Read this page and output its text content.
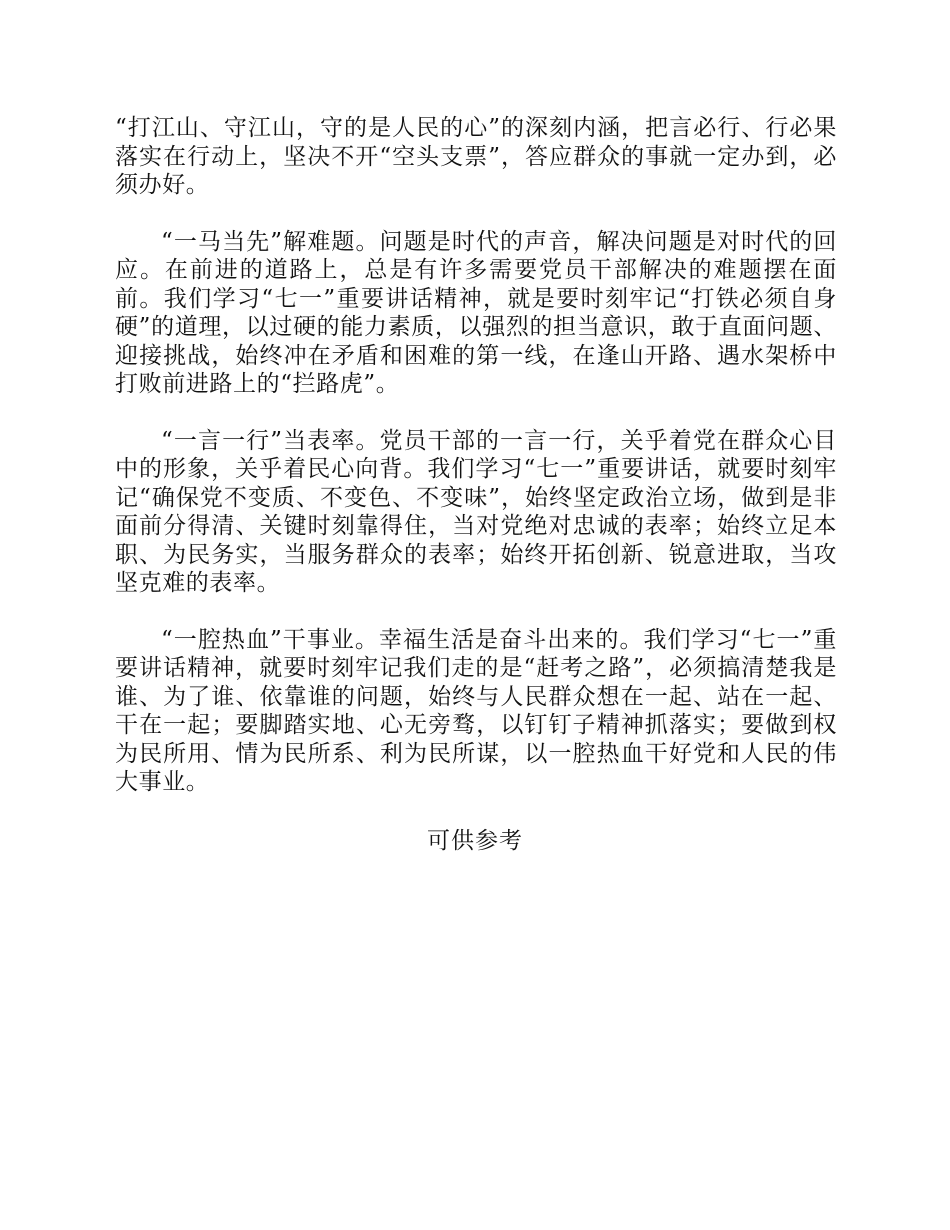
“打江山、守江山，守的是人民的心”的深刻内涵，把言必行、行必果落实在行动上，坚决不开“空头支票”，答应群众的事就一定办到，必须办好。

“一马当先”解难题。问题是时代的声音，解决问题是对时代的回应。在前进的道路上，总是有许多需要党员干部解决的难题摆在面前。我们学习“七一”重要讲话精神，就是要时刻牢记“打铁必须自身硬”的道理，以过硬的能力素质，以强烈的担当意识，敢于直面问题、迎接挑战，始终冲在矛盾和困难的第一线，在逢山开路、遇水架桥中打败前进路上的“拦路虎”。

“一言一行”当表率。党员干部的一言一行，关乎着党在群众心目中的形象，关乎着民心向背。我们学习“七一”重要讲话，就要时刻牢记“确保党不变质、不变色、不变味”，始终坚定政治立场，做到是非面前分得清、关键时刻靠得住，当对党绝对忠诚的表率；始终立足本职、为民务实，当服务群众的表率；始终开拓创新、锐意进取，当攻坚克难的表率。

“一腔热血”干事业。幸福生活是奋斗出来的。我们学习“七一”重要讲话精神，就要时刻牢记我们走的是“赶考之路”，必须搞清楚我是谁、为了谁、依靠谁的问题，始终与人民群众想在一起、站在一起、干在一起；要脚踏实地、心无旁骛，以钉钉子精神抓落实；要做到权为民所用、情为民所系、利为民所谋，以一腔热血干好党和人民的伟大事业。

可供参考
